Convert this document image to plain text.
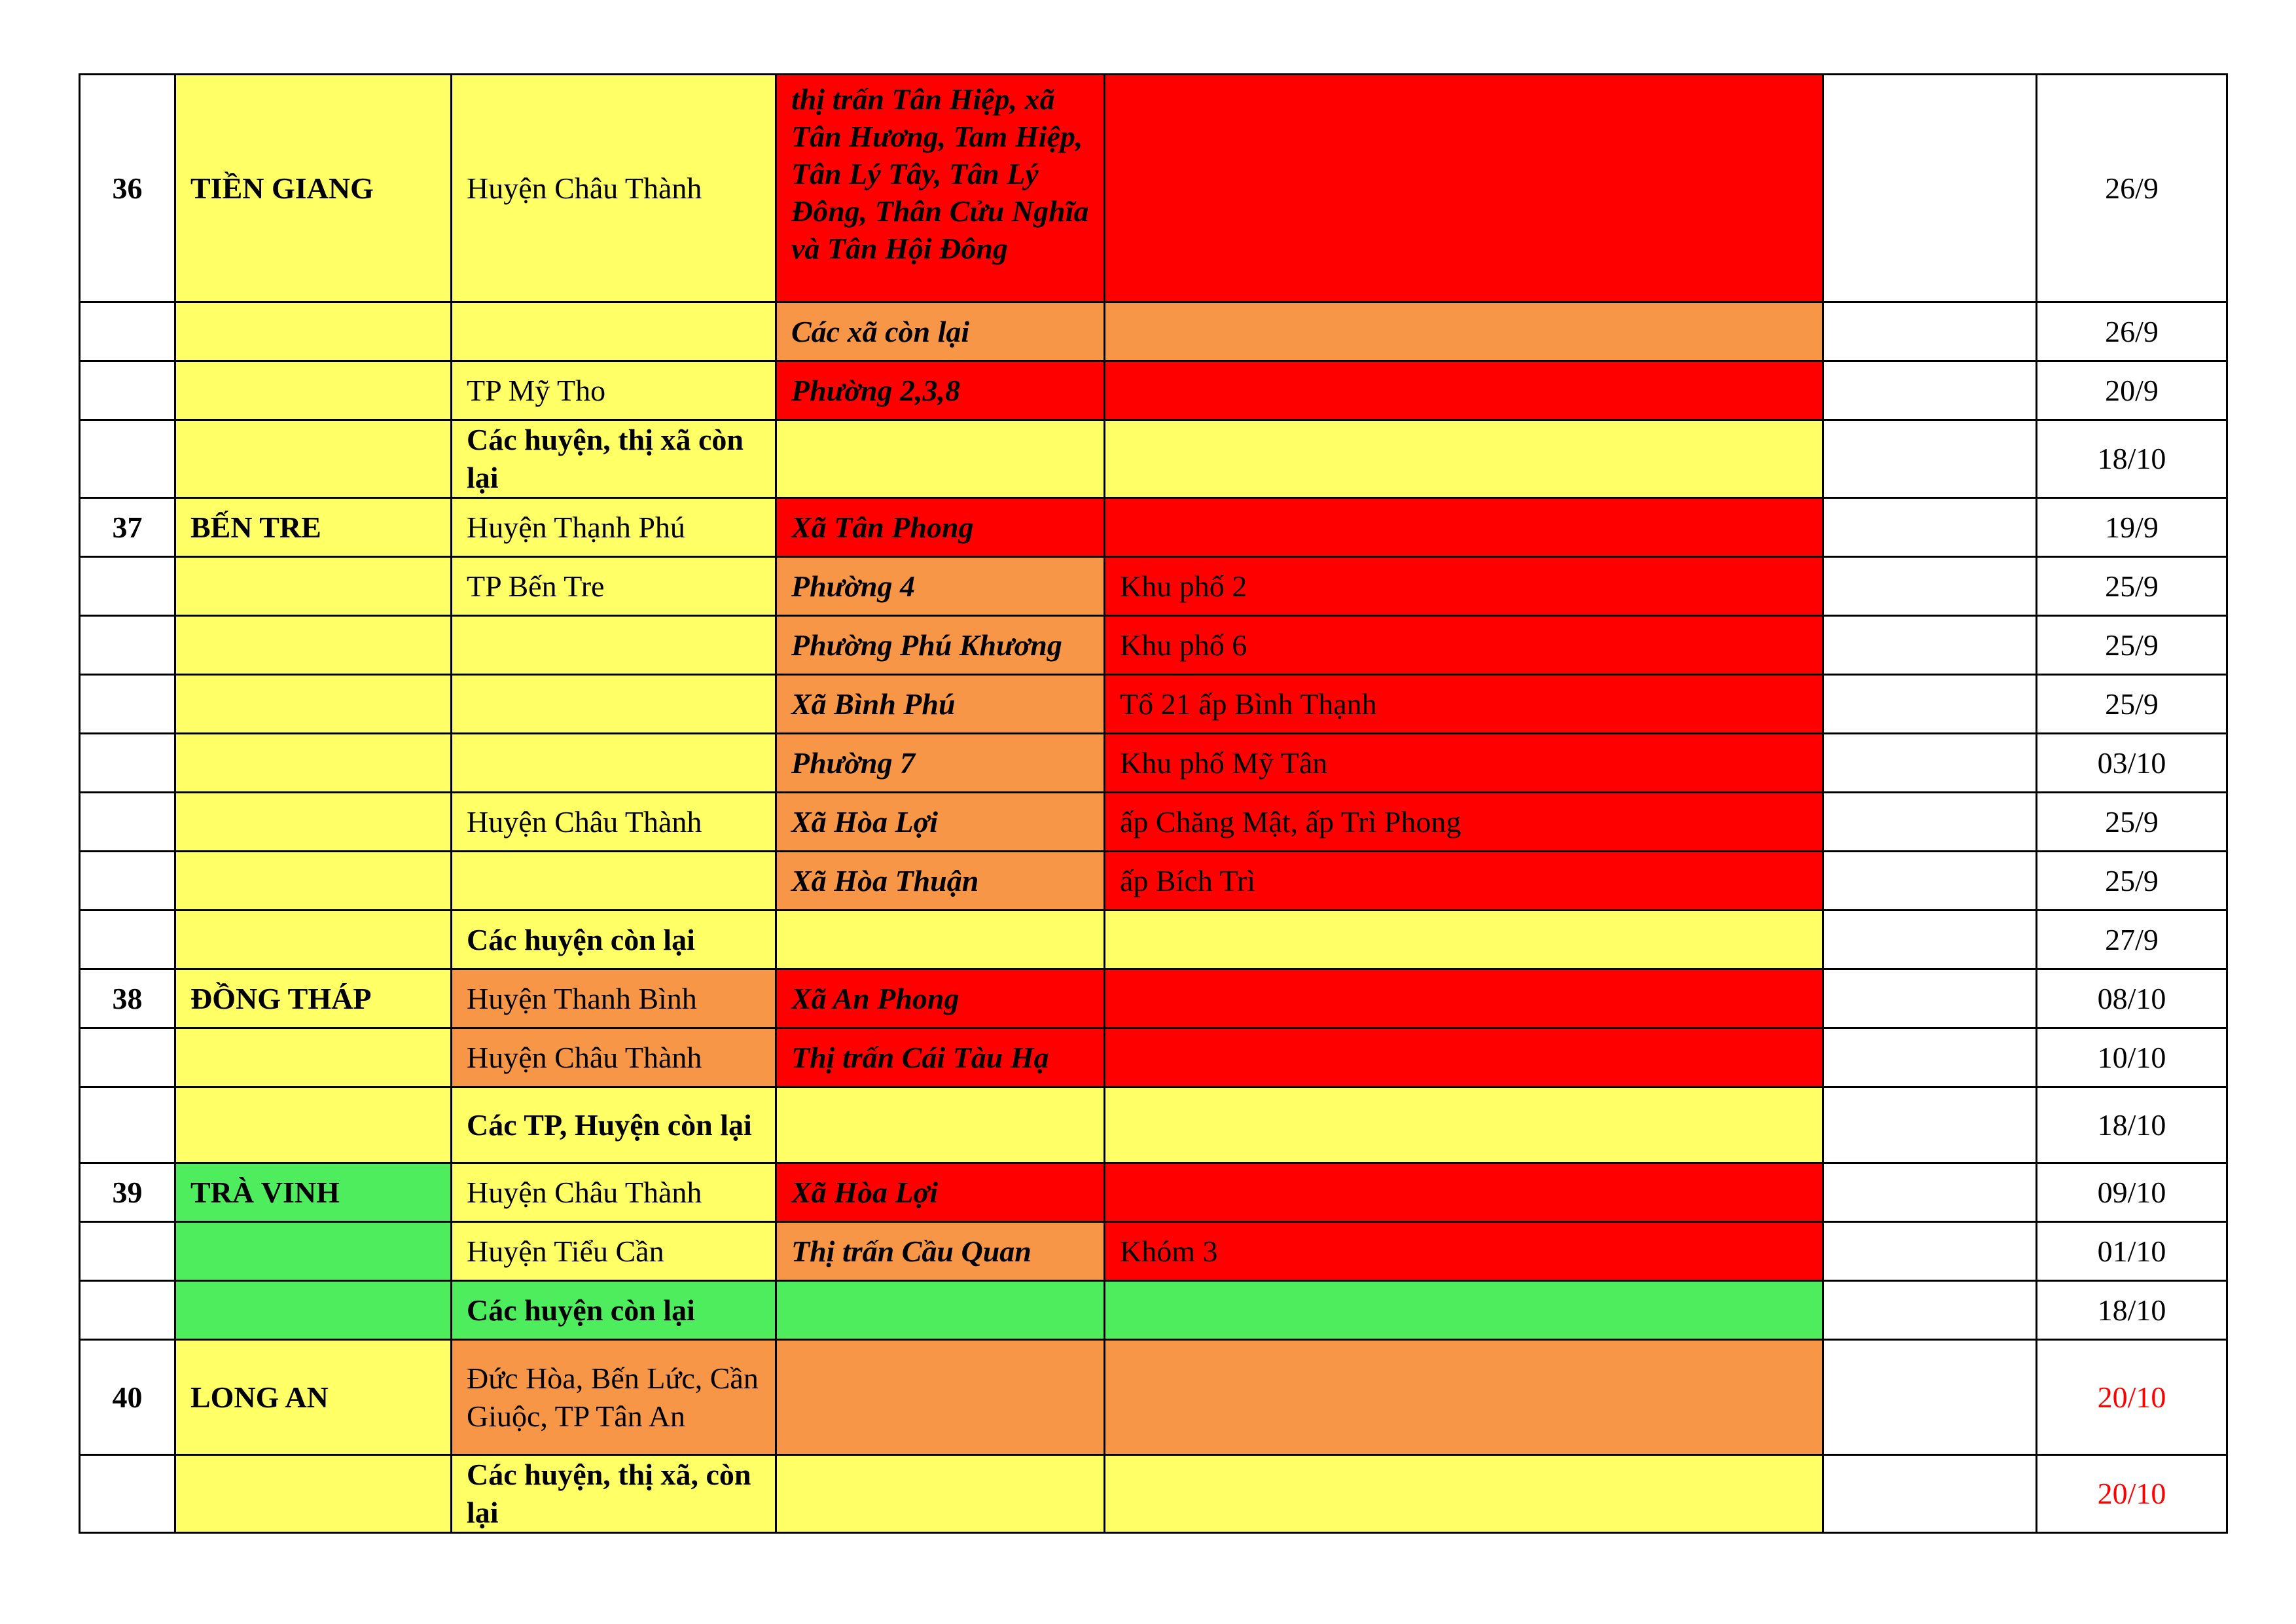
36	TIỀN GIANG	Huyện Châu Thành	thị trấn Tân Hiệp, xã Tân Hương, Tam Hiệp, Tân Lý Tây, Tân Lý Đông, Thân Cửu Nghĩa và Tân Hội Đông			26/9
			Các xã còn lại			26/9
		TP Mỹ Tho	Phường 2,3,8			20/9
		Các huyện, thị xã còn lại				18/10
37	BẾN TRE	Huyện Thạnh Phú	Xã Tân Phong			19/9
		TP Bến Tre	Phường 4	Khu phố 2		25/9
			Phường Phú Khương	Khu phố 6		25/9
			Xã Bình Phú	Tổ 21 ấp Bình Thạnh		25/9
			Phường 7	Khu phố Mỹ Tân		03/10
		Huyện Châu Thành	Xã Hòa Lợi	ấp Chăng Mật, ấp Trì Phong		25/9
			Xã Hòa Thuận	ấp Bích Trì		25/9
		Các huyện còn lại				27/9
38	ĐỒNG THÁP	Huyện Thanh Bình	Xã An Phong			08/10
		Huyện Châu Thành	Thị trấn Cái Tàu Hạ			10/10
		Các TP, Huyện còn lại				18/10
39	TRÀ VINH	Huyện Châu Thành	Xã Hòa Lợi			09/10
		Huyện Tiểu Cần	Thị trấn Cầu Quan	Khóm 3		01/10
		Các huyện còn lại				18/10
40	LONG AN	Đức Hòa, Bến Lức, Cần Giuộc, TP Tân An				20/10
		Các huyện, thị xã, còn lại				20/10
